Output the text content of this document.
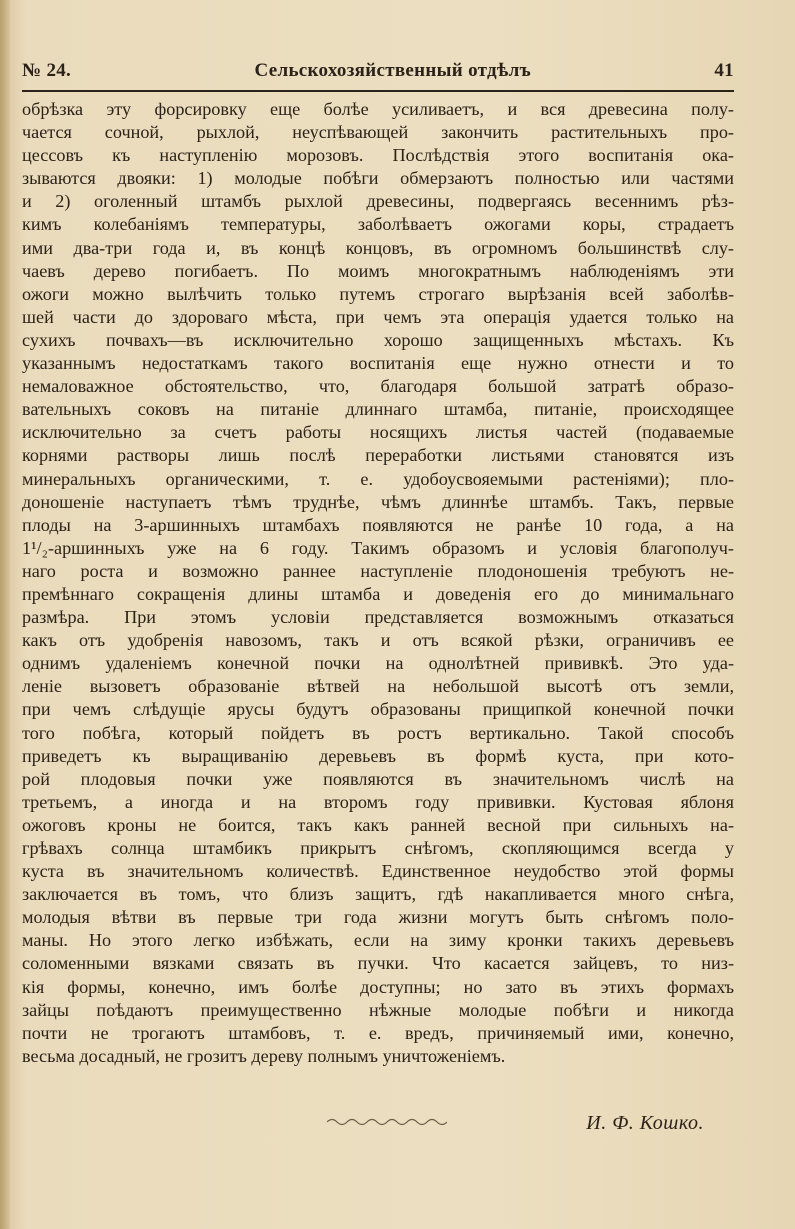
№ 24.	Сельскохозяйственный отдѣлъ	41
обрѣзка эту форсировку еще болѣе усиливаетъ, и вся древесина полу-
чается сочной, рыхлой, неуспѣвающей закончить растительныхъ про-
цессовъ къ наступленію морозовъ. Послѣдствія этого воспитанія ока-
зываются двояки: 1) молодые побѣги обмерзаютъ полностью или частями
и 2) оголенный штамбъ рыхлой древесины, подвергаясь весеннимъ рѣз-
кимъ колебаніямъ температуры, заболѣваетъ ожогами коры, страдаетъ
ими два-три года и, въ концѣ концовъ, въ огромномъ большинствѣ слу-
чаевъ дерево погибаетъ. По моимъ многократнымъ наблюденіямъ эти
ожоги можно вылѣчить только путемъ строгаго вырѣзанія всей заболѣв-
шей части до здороваго мѣста, при чемъ эта операція удается только на
сухихъ почвахъ—въ исключительно хорошо защищенныхъ мѣстахъ. Къ
указаннымъ недостаткамъ такого воспитанія еще нужно отнести и то
немаловажное обстоятельство, что, благодаря большой затратѣ образо-
вательныхъ соковъ на питаніе длиннаго штамба, питаніе, происходящее
исключительно за счетъ работы носящихъ листья частей (подаваемые
корнями растворы лишь послѣ переработки листьями становятся изъ
минеральныхъ органическими, т. е. удобоусвояемыми растеніями); пло-
доношеніе наступаетъ тѣмъ труднѣе, чѣмъ длиннѣе штамбъ. Такъ, первые
плоды на 3-аршинныхъ штамбахъ появляются не ранѣе 10 года, а на
1¹/₂-аршинныхъ уже на 6 году. Такимъ образомъ и условія благополуч-
наго роста и возможно раннее наступленіе плодоношенія требуютъ не-
премѣннаго сокращенія длины штамба и доведенія его до минимальнаго
размѣра. При этомъ условіи представляется возможнымъ отказаться
какъ отъ удобренія навозомъ, такъ и отъ всякой рѣзки, ограничивъ ее
однимъ удаленіемъ конечной почки на однолѣтней прививкѣ. Это уда-
леніе вызоветъ образованіе вѣтвей на небольшой высотѣ отъ земли,
при чемъ слѣдущіе ярусы будутъ образованы прищипкой конечной почки
того побѣга, который пойдетъ въ ростъ вертикально. Такой способъ
приведетъ къ выращиванію деревьевъ въ формѣ куста, при кото-
рой плодовыя почки уже появляются въ значительномъ числѣ на
третьемъ, а иногда и на второмъ году прививки. Кустовая яблоня
ожоговъ кроны не боится, такъ какъ ранней весной при сильныхъ на-
грѣвахъ солнца штамбикъ прикрытъ снѣгомъ, скопляющимся всегда у
куста въ значительномъ количествѣ. Единственное неудобство этой формы
заключается въ томъ, что близъ защитъ, гдѣ накапливается много снѣга,
молодыя вѣтви въ первые три года жизни могутъ быть снѣгомъ поло-
маны. Но этого легко избѣжать, если на зиму кронки такихъ деревьевъ
соломенными вязками связать въ пучки. Что касается зайцевъ, то низ-
кія формы, конечно, имъ болѣе доступны; но зато въ этихъ формахъ
зайцы поѣдаютъ преимущественно нѣжные молодые побѣги и никогда
почти не трогаютъ штамбовъ, т. е. вредъ, причиняемый ими, конечно,
весьма досадный, не грозитъ дереву полнымъ уничтоженіемъ.
И. Ф. Кошко.
